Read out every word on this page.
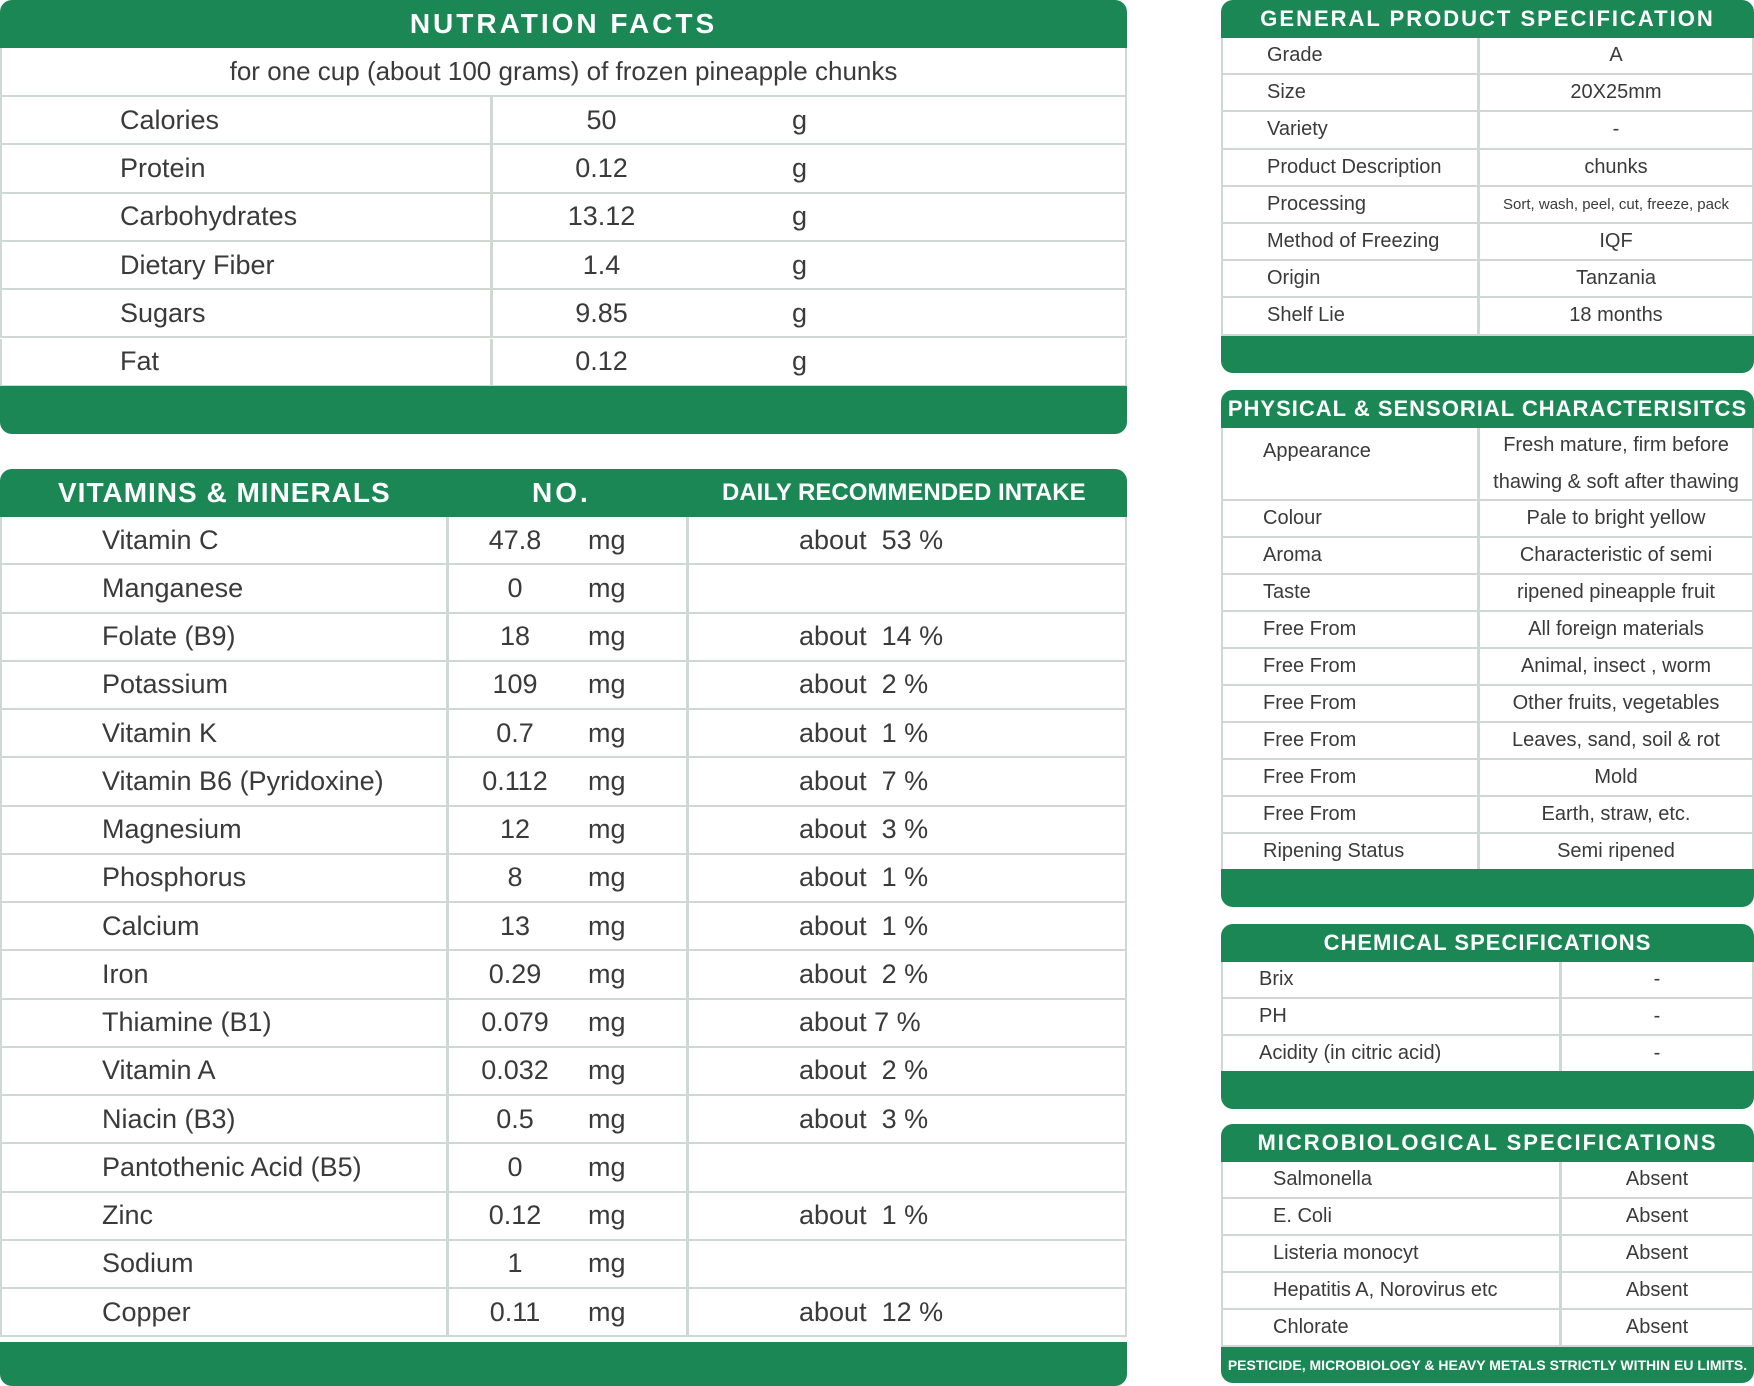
NUTRATION FACTS
for one cup (about 100 grams) of frozen pineapple chunks
Calories	50	g
Protein	0.12	g
Carbohydrates	13.12	g
Dietary Fiber	1.4	g
Sugars	9.85	g
Fat	0.12	g
VITAMINS & MINERALS	NO.	DAILY RECOMMENDED INTAKE
Vitamin C	47.8	mg	about  53 %
Manganese	0	mg
Folate (B9)	18	mg	about  14 %
Potassium	109	mg	about  2 %
Vitamin K	0.7	mg	about  1 %
Vitamin B6 (Pyridoxine)	0.112	mg	about  7 %
Magnesium	12	mg	about  3 %
Phosphorus	8	mg	about  1 %
Calcium	13	mg	about  1 %
Iron	0.29	mg	about  2 %
Thiamine (B1)	0.079	mg	about 7 %
Vitamin A	0.032	mg	about  2 %
Niacin (B3)	0.5	mg	about  3 %
Pantothenic Acid (B5)	0	mg
Zinc	0.12	mg	about  1 %
Sodium	1	mg
Copper	0.11	mg	about  12 %
GENERAL PRODUCT SPECIFICATION
Grade	A
Size	20X25mm
Variety	-
Product Description	chunks
Processing	Sort, wash, peel, cut, freeze, pack
Method of Freezing	IQF
Origin	Tanzania
Shelf Lie	18 months
PHYSICAL & SENSORIAL CHARACTERISITCS
Appearance	Fresh mature, firm before
thawing & soft after thawing
Colour	Pale to bright yellow
Aroma	Characteristic of semi
Taste	ripened pineapple fruit
Free From	All foreign materials
Free From	Animal, insect , worm
Free From	Other fruits, vegetables
Free From	Leaves, sand, soil & rot
Free From	Mold
Free From	Earth, straw, etc.
Ripening Status	Semi ripened
CHEMICAL SPECIFICATIONS
Brix	-
PH	-
Acidity (in citric acid)	-
MICROBIOLOGICAL SPECIFICATIONS
Salmonella	Absent
E. Coli	Absent
Listeria monocyt	Absent
Hepatitis A, Norovirus etc	Absent
Chlorate	Absent
PESTICIDE, MICROBIOLOGY & HEAVY METALS STRICTLY WITHIN EU LIMITS.
